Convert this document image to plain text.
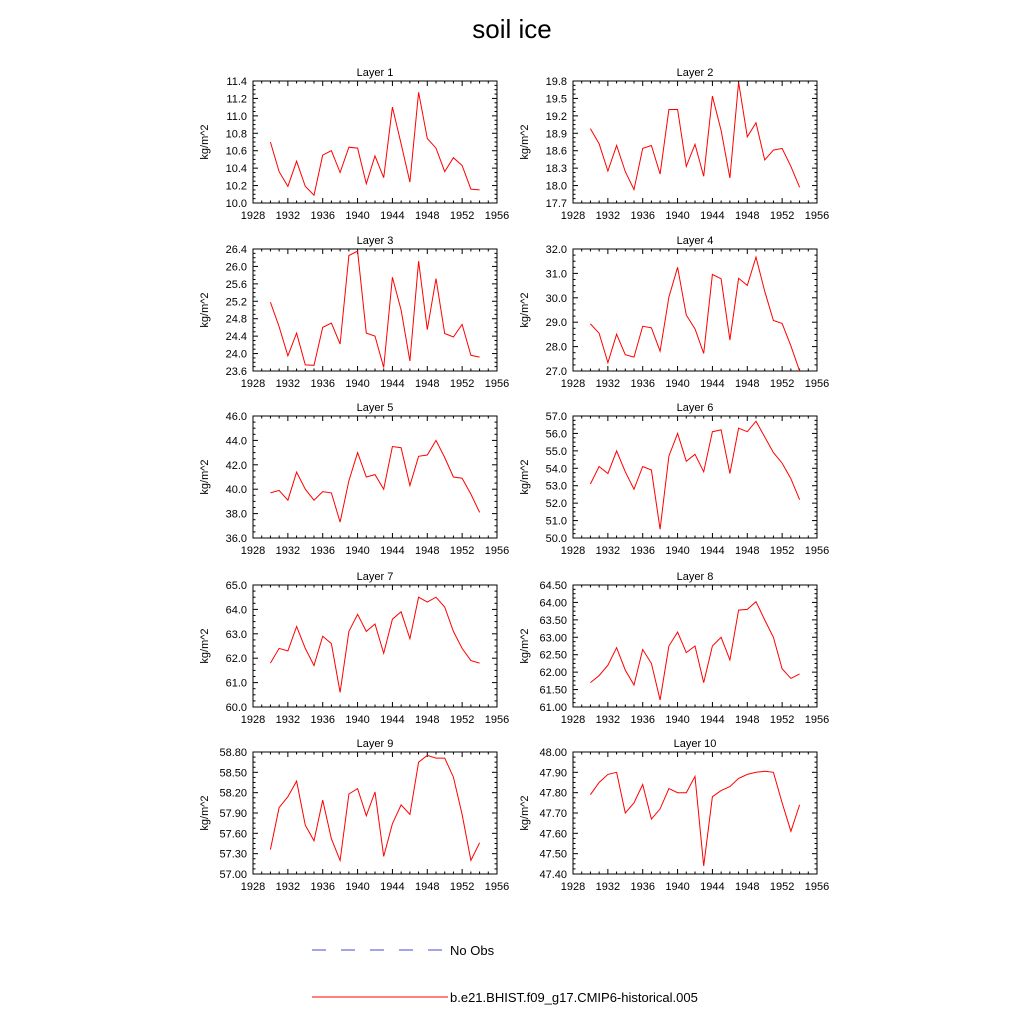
soil ice
Layer 1
kg/m^2
1928 1932 1936 1940 1944 1948 1952 1956
10.0
10.2
10.4
10.6
10.8
11.0
11.2
11.4
Layer 2
kg/m^2
1928 1932 1936 1940 1944 1948 1952 1956
17.7
18.0
18.3
18.6
18.9
19.2
19.5
19.8
Layer 3
kg/m^2
1928 1932 1936 1940 1944 1948 1952 1956
23.6
24.0
24.4
24.8
25.2
25.6
26.0
26.4
Layer 4
kg/m^2
1928 1932 1936 1940 1944 1948 1952 1956
27.0
28.0
29.0
30.0
31.0
32.0
Layer 5
kg/m^2
1928 1932 1936 1940 1944 1948 1952 1956
36.0
38.0
40.0
42.0
44.0
46.0
Layer 6
kg/m^2
1928 1932 1936 1940 1944 1948 1952 1956
50.0
51.0
52.0
53.0
54.0
55.0
56.0
57.0
Layer 7
kg/m^2
1928 1932 1936 1940 1944 1948 1952 1956
60.0
61.0
62.0
63.0
64.0
65.0
Layer 8
kg/m^2
1928 1932 1936 1940 1944 1948 1952 1956
61.00
61.50
62.00
62.50
63.00
63.50
64.00
64.50
Layer 9
kg/m^2
1928 1932 1936 1940 1944 1948 1952 1956
57.00
57.30
57.60
57.90
58.20
58.50
58.80
Layer 10
kg/m^2
1928 1932 1936 1940 1944 1948 1952 1956
47.40
47.50
47.60
47.70
47.80
47.90
48.00
No Obs
b.e21.BHIST.f09_g17.CMIP6-historical.005
